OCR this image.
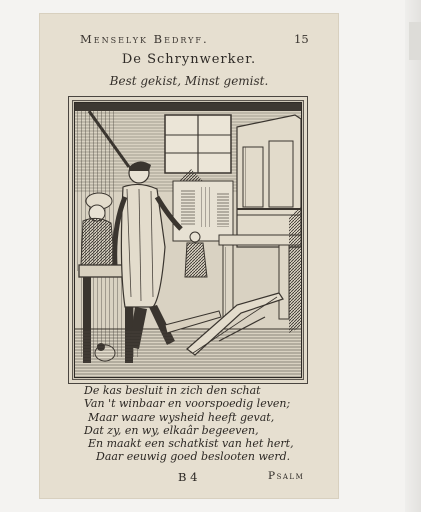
Menselyk Bedryf.	15
De Schrynwerker.
Best gekist, Minst gemist.
De kas besluit in zich den schat
Van 't winbaar en voorspoedig leven;
Maar waare wysheid heeft gevat,
Dat zy, en wy, elkaâr begeeven,
En maakt een schatkist van het hert,
Daar eeuwig goed beslooten werd.
B 4	Psalm
